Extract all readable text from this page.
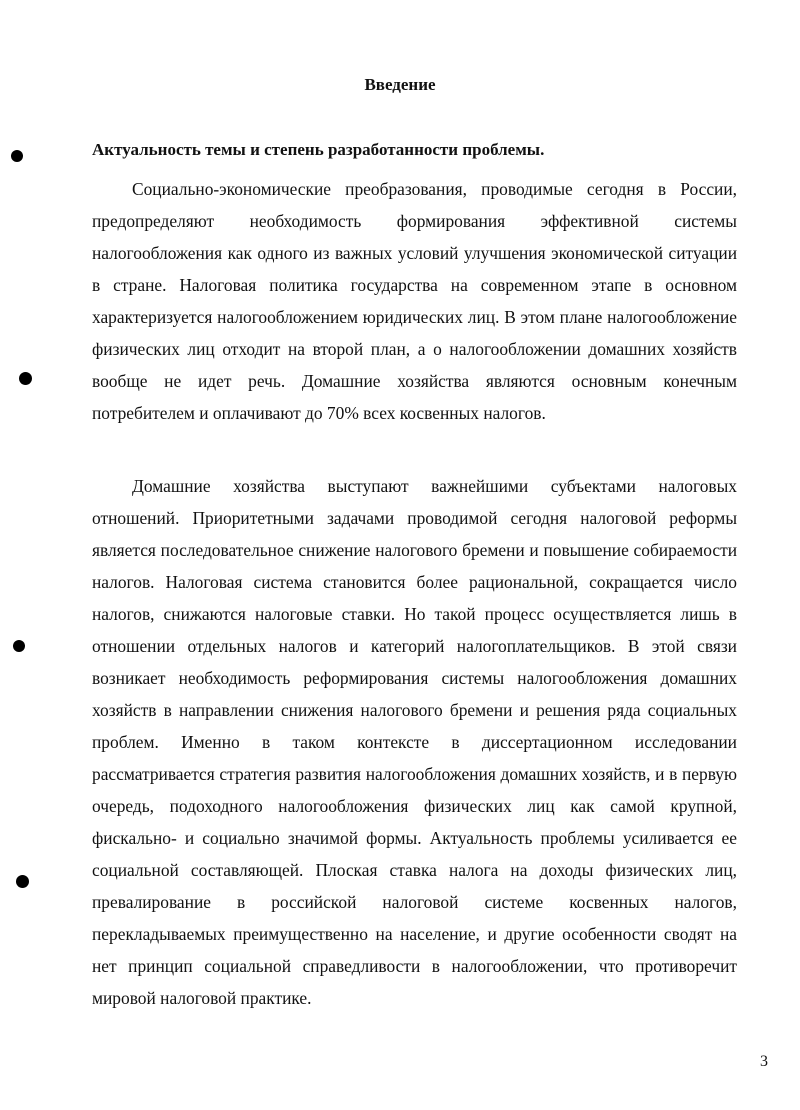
Введение
Актуальность темы и степень разработанности проблемы.

Социально-экономические преобразования, проводимые сегодня в России, предопределяют необходимость формирования эффективной системы налогообложения как одного из важных условий улучшения экономической ситуации в стране. Налоговая политика государства на современном этапе в основном характеризуется налогообложением юридических лиц. В этом плане налогообложение физических лиц отходит на второй план, а о налогообложении домашних хозяйств вообще не идет речь. Домашние хозяйства являются основным конечным потребителем и оплачивают до 70% всех косвенных налогов.

Домашние хозяйства выступают важнейшими субъектами налоговых отношений. Приоритетными задачами проводимой сегодня налоговой реформы является последовательное снижение налогового бремени и повышение собираемости налогов. Налоговая система становится более рациональной, сокращается число налогов, снижаются налоговые ставки. Но такой процесс осуществляется лишь в отношении отдельных налогов и категорий налогоплательщиков. В этой связи возникает необходимость реформирования системы налогообложения домашних хозяйств в направлении снижения налогового бремени и решения ряда социальных проблем. Именно в таком контексте в диссертационном исследовании рассматривается стратегия развития налогообложения домашних хозяйств, и в первую очередь, подоходного налогообложения физических лиц как самой крупной, фискально- и социально значимой формы. Актуальность проблемы усиливается ее социальной составляющей. Плоская ставка налога на доходы физических лиц, превалирование в российской налоговой системе косвенных налогов, перекладываемых преимущественно на население, и другие особенности сводят на нет принцип социальной справедливости в налогообложении, что противоречит мировой налоговой практике.

3
